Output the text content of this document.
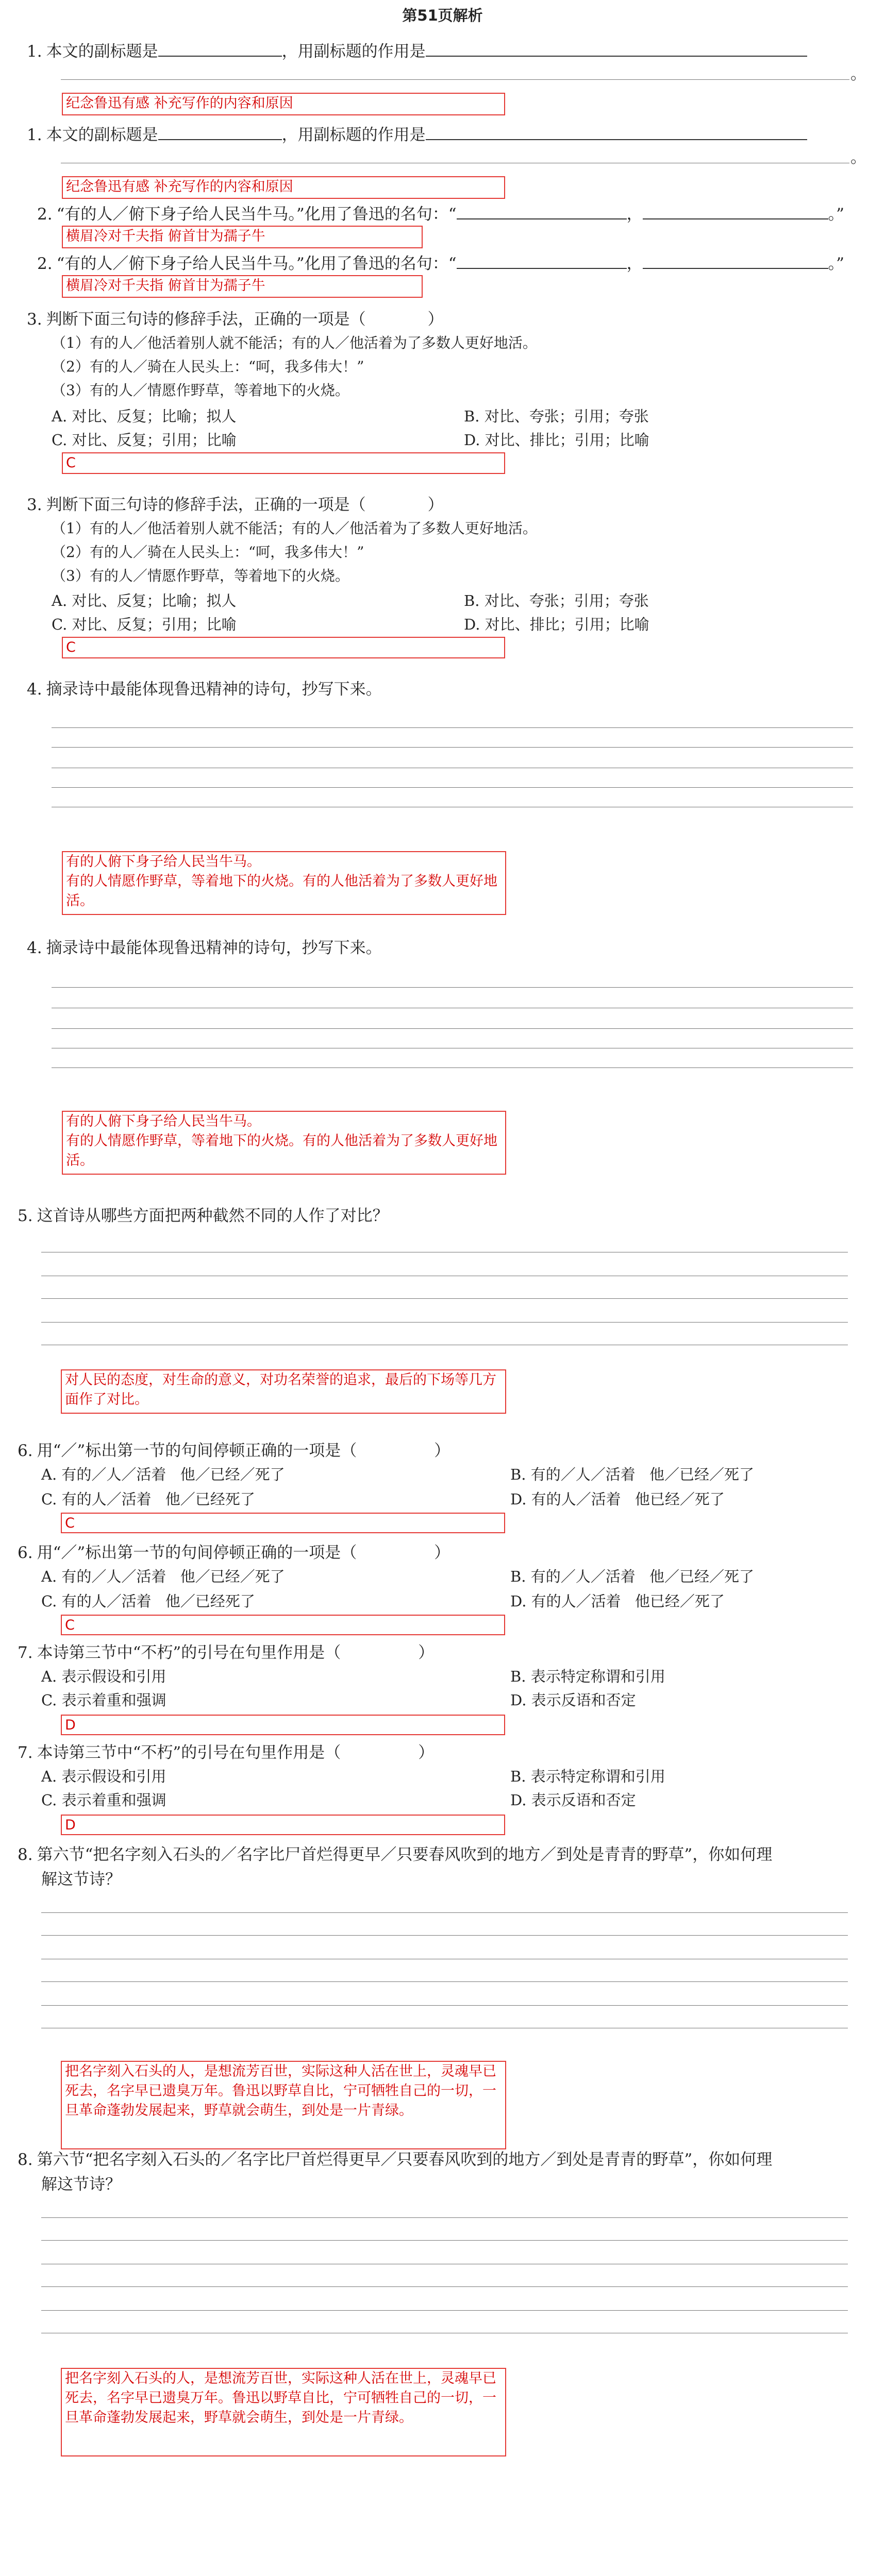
第51页解析
1. 本文的副标题是	，用副标题的作用是
。
纪念鲁迅有感 补充写作的内容和原因
1. 本文的副标题是	，用副标题的作用是
。
纪念鲁迅有感 补充写作的内容和原因
2. “有的人／俯下身子给人民当牛马。”化用了鲁迅的名句：“	，	。”
横眉冷对千夫指 俯首甘为孺子牛
2. “有的人／俯下身子给人民当牛马。”化用了鲁迅的名句：“	，	。”
横眉冷对千夫指 俯首甘为孺子牛
3. 判断下面三句诗的修辞手法，正确的一项是（	）
（1）有的人／他活着别人就不能活；有的人／他活着为了多数人更好地活。
（2）有的人／骑在人民头上：“呵，我多伟大！”
（3）有的人／情愿作野草，等着地下的火烧。
A. 对比、反复；比喻；拟人	B. 对比、夸张；引用；夸张
C. 对比、反复；引用；比喻	D. 对比、排比；引用；比喻
C
3. 判断下面三句诗的修辞手法，正确的一项是（	）
（1）有的人／他活着别人就不能活；有的人／他活着为了多数人更好地活。
（2）有的人／骑在人民头上：“呵，我多伟大！”
（3）有的人／情愿作野草，等着地下的火烧。
A. 对比、反复；比喻；拟人	B. 对比、夸张；引用；夸张
C. 对比、反复；引用；比喻	D. 对比、排比；引用；比喻
C
4. 摘录诗中最能体现鲁迅精神的诗句，抄写下来。
有的人俯下身子给人民当牛马。
有的人情愿作野草，等着地下的火烧。有的人他活着为了多数人更好地活。
4. 摘录诗中最能体现鲁迅精神的诗句，抄写下来。
有的人俯下身子给人民当牛马。
有的人情愿作野草，等着地下的火烧。有的人他活着为了多数人更好地活。
5. 这首诗从哪些方面把两种截然不同的人作了对比？
对人民的态度，对生命的意义，对功名荣誉的追求，最后的下场等几方面作了对比。
6. 用“／”标出第一节的句间停顿正确的一项是（	）
A. 有的／人／活着 他／已经／死了	B. 有的／人／活着 他／已经／死了
C. 有的人／活着 他／已经死了	D. 有的人／活着 他已经／死了
C
6. 用“／”标出第一节的句间停顿正确的一项是（	）
A. 有的／人／活着 他／已经／死了	B. 有的／人／活着 他／已经／死了
C. 有的人／活着 他／已经死了	D. 有的人／活着 他已经／死了
C
7. 本诗第三节中“不朽”的引号在句里作用是（	）
A. 表示假设和引用	B. 表示特定称谓和引用
C. 表示着重和强调	D. 表示反语和否定
D
7. 本诗第三节中“不朽”的引号在句里作用是（	）
A. 表示假设和引用	B. 表示特定称谓和引用
C. 表示着重和强调	D. 表示反语和否定
D
8. 第六节“把名字刻入石头的／名字比尸首烂得更早／只要春风吹到的地方／到处是青青的野草”，你如何理
解这节诗？
把名字刻入石头的人，是想流芳百世，实际这种人活在世上，灵魂早已死去，名字早已遗臭万年。鲁迅以野草自比，宁可牺牲自己的一切，一旦革命蓬勃发展起来，野草就会萌生，到处是一片青绿。
8. 第六节“把名字刻入石头的／名字比尸首烂得更早／只要春风吹到的地方／到处是青青的野草”，你如何理
解这节诗？
把名字刻入石头的人，是想流芳百世，实际这种人活在世上，灵魂早已死去，名字早已遗臭万年。鲁迅以野草自比，宁可牺牲自己的一切，一旦革命蓬勃发展起来，野草就会萌生，到处是一片青绿。
